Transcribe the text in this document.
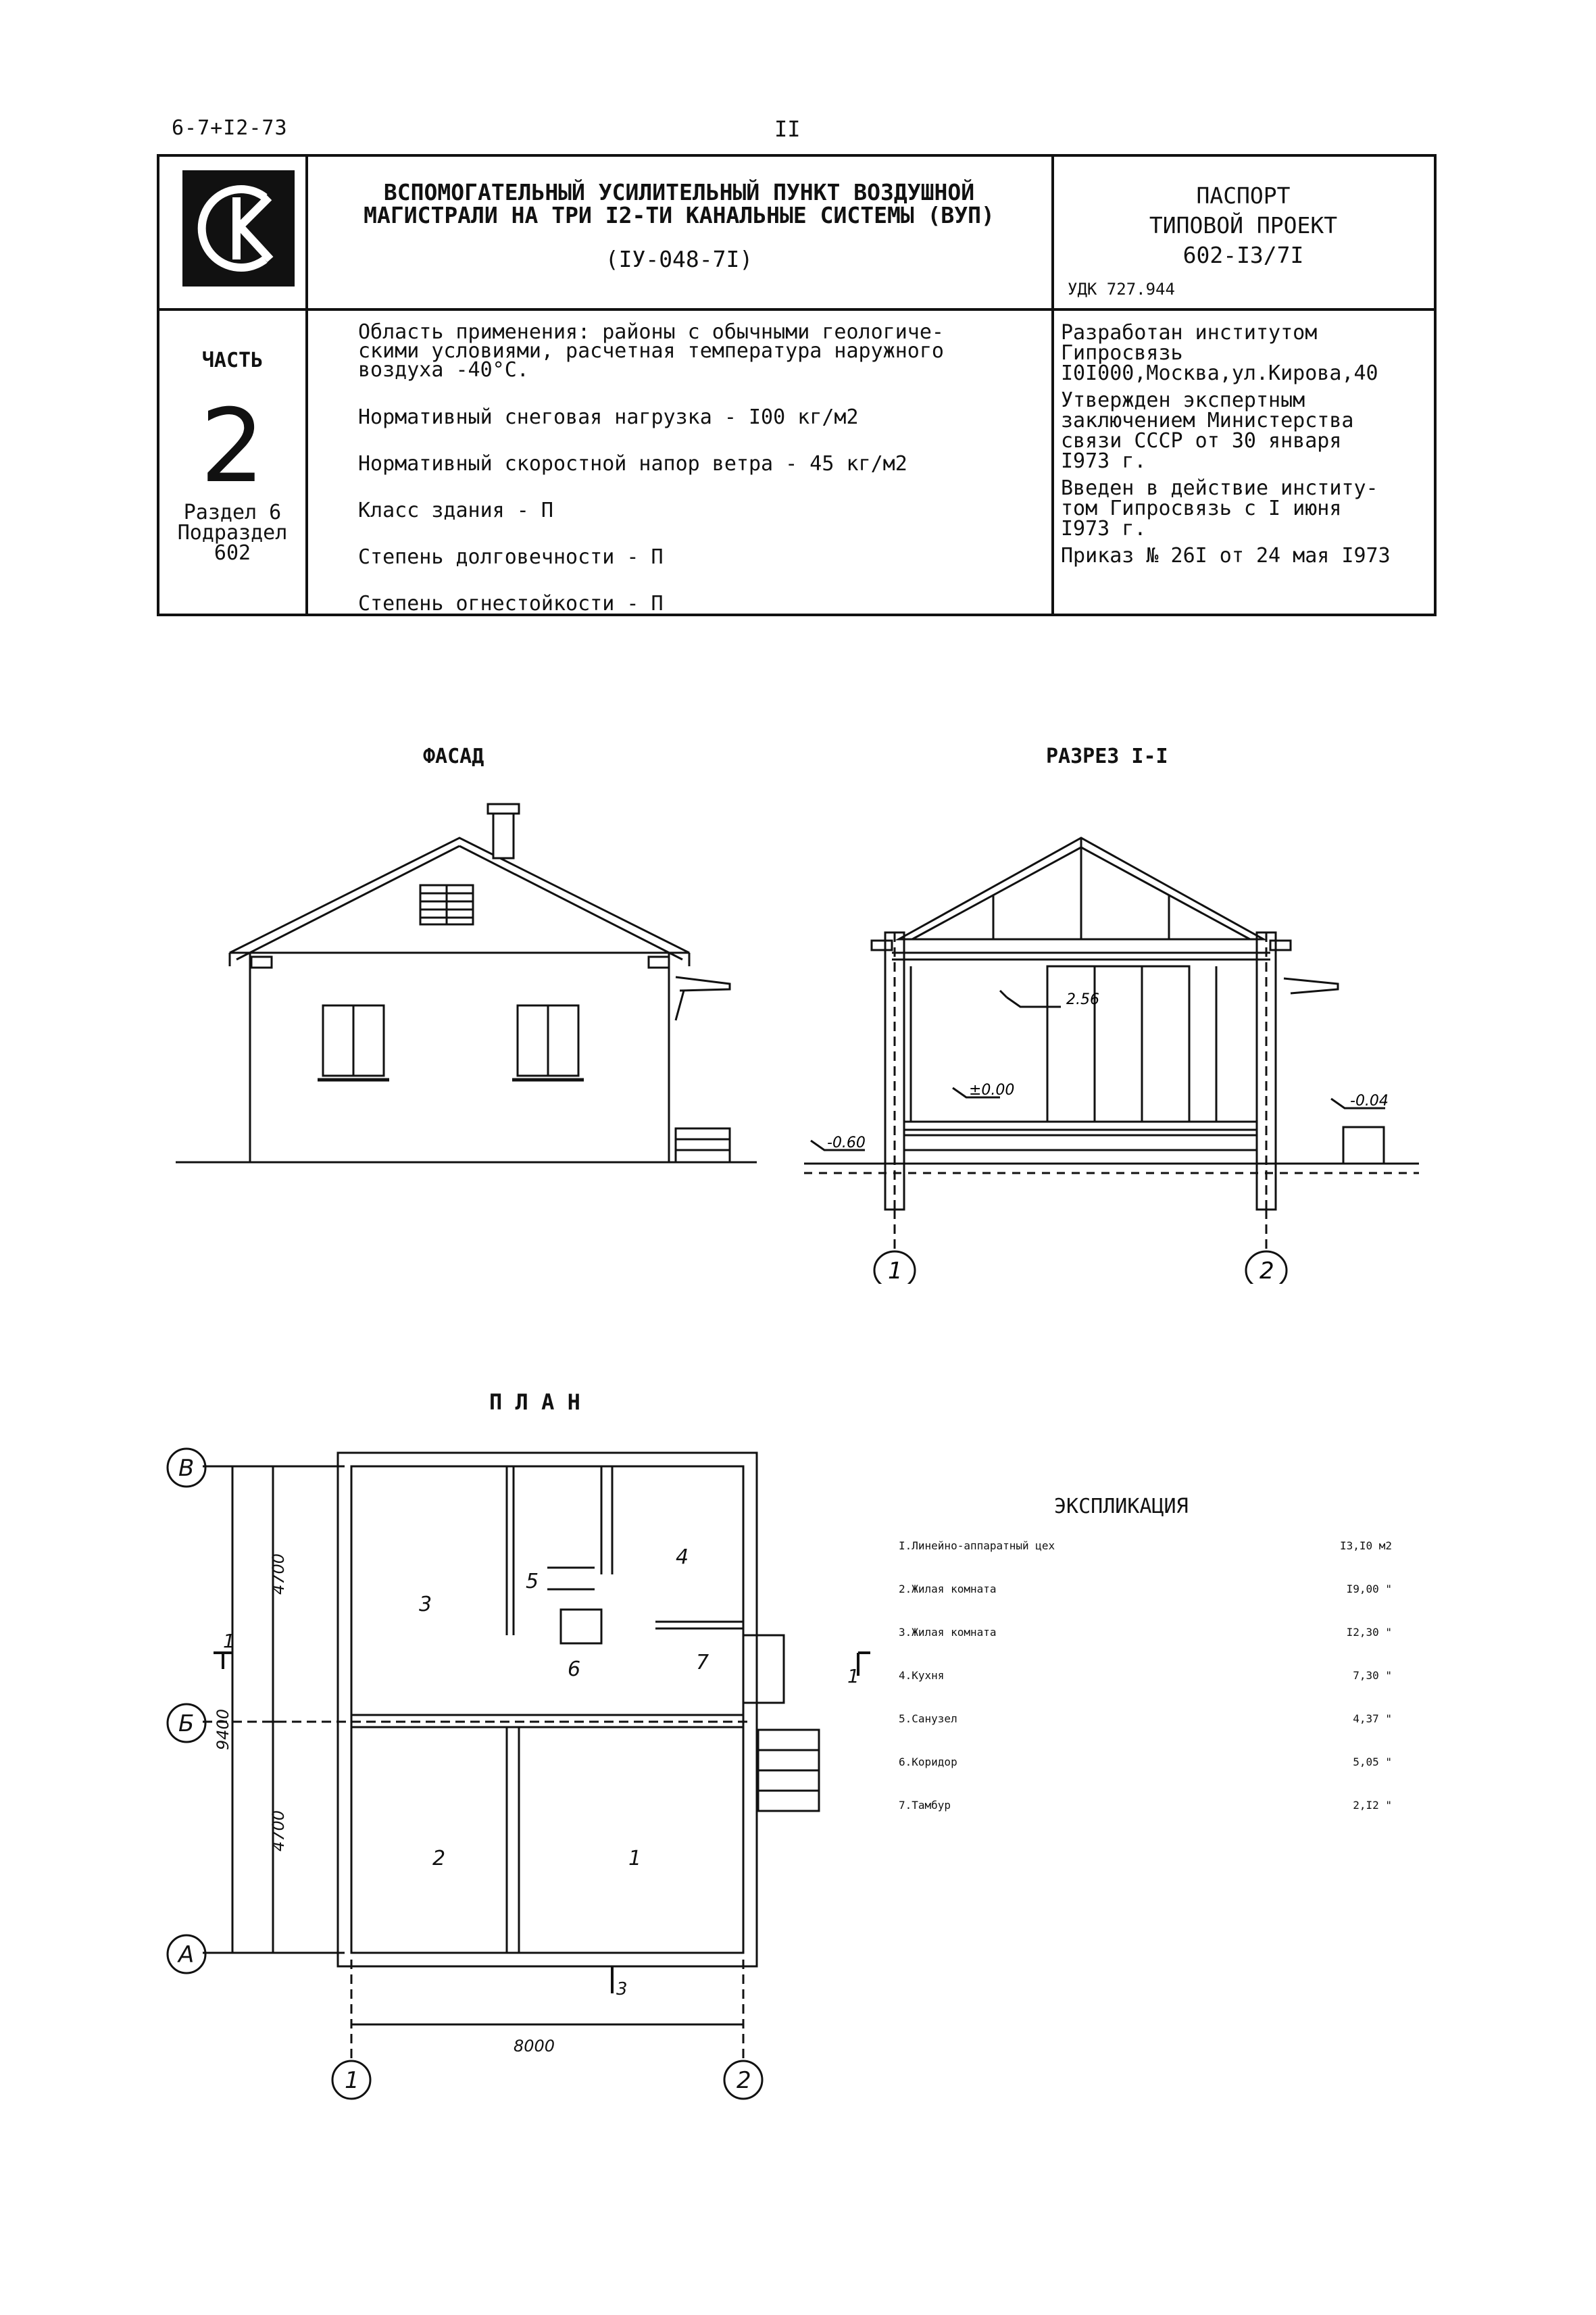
6-7+I2-73	II
ВСПОМОГАТЕЛЬНЫЙ УСИЛИТЕЛЬНЫЙ ПУНКТ ВОЗДУШНОЙ
МАГИСТРАЛИ НА ТРИ I2-ТИ КАНАЛЬНЫЕ СИСТЕМЫ (ВУП)
(IУ-048-7I)
ПАСПОРТ
ТИПОВОЙ ПРОЕКТ
602-I3/7I
УДК 727.944
ЧАСТЬ
2
Раздел 6
Подраздел
602

Область применения: районы с обычными геологиче-

скими условиями, расчетная температура наружного

воздуха -40°С.

Нормативный снеговая нагрузка - I00 кг/м2

Нормативный скоростной напор ветра - 45 кг/м2

Класс здания - П

Степень долговечности - П

Степень огнестойкости - П

Разработан институтом
Гипросвязь
I0I000,Москва,ул.Кирова,40

Утвержден экспертным
заключением Министерства
связи СССР от 30 января
I973 г.

Введен в действие институ-
том Гипросвязь с I июня
I973 г.

Приказ № 26I от 24 мая I973

ФАСАД	РАЗРЕЗ I-I
П Л А Н
2.56
±0.00
-0.60
-0.04
1	2
В
Б
А
1	2
4700
4700
9400
8000
1
1
3
1
2
3
4
5
6	7
ЭКСПЛИКАЦИЯ
I.Линейно-аппаратный цех	I3,I0 м2
2.Жилая комната	I9,00 "
3.Жилая комната	I2,30 "
4.Кухня	7,30 "
5.Санузел	4,37 "
6.Коридор	5,05 "
7.Тамбур	2,I2 "
